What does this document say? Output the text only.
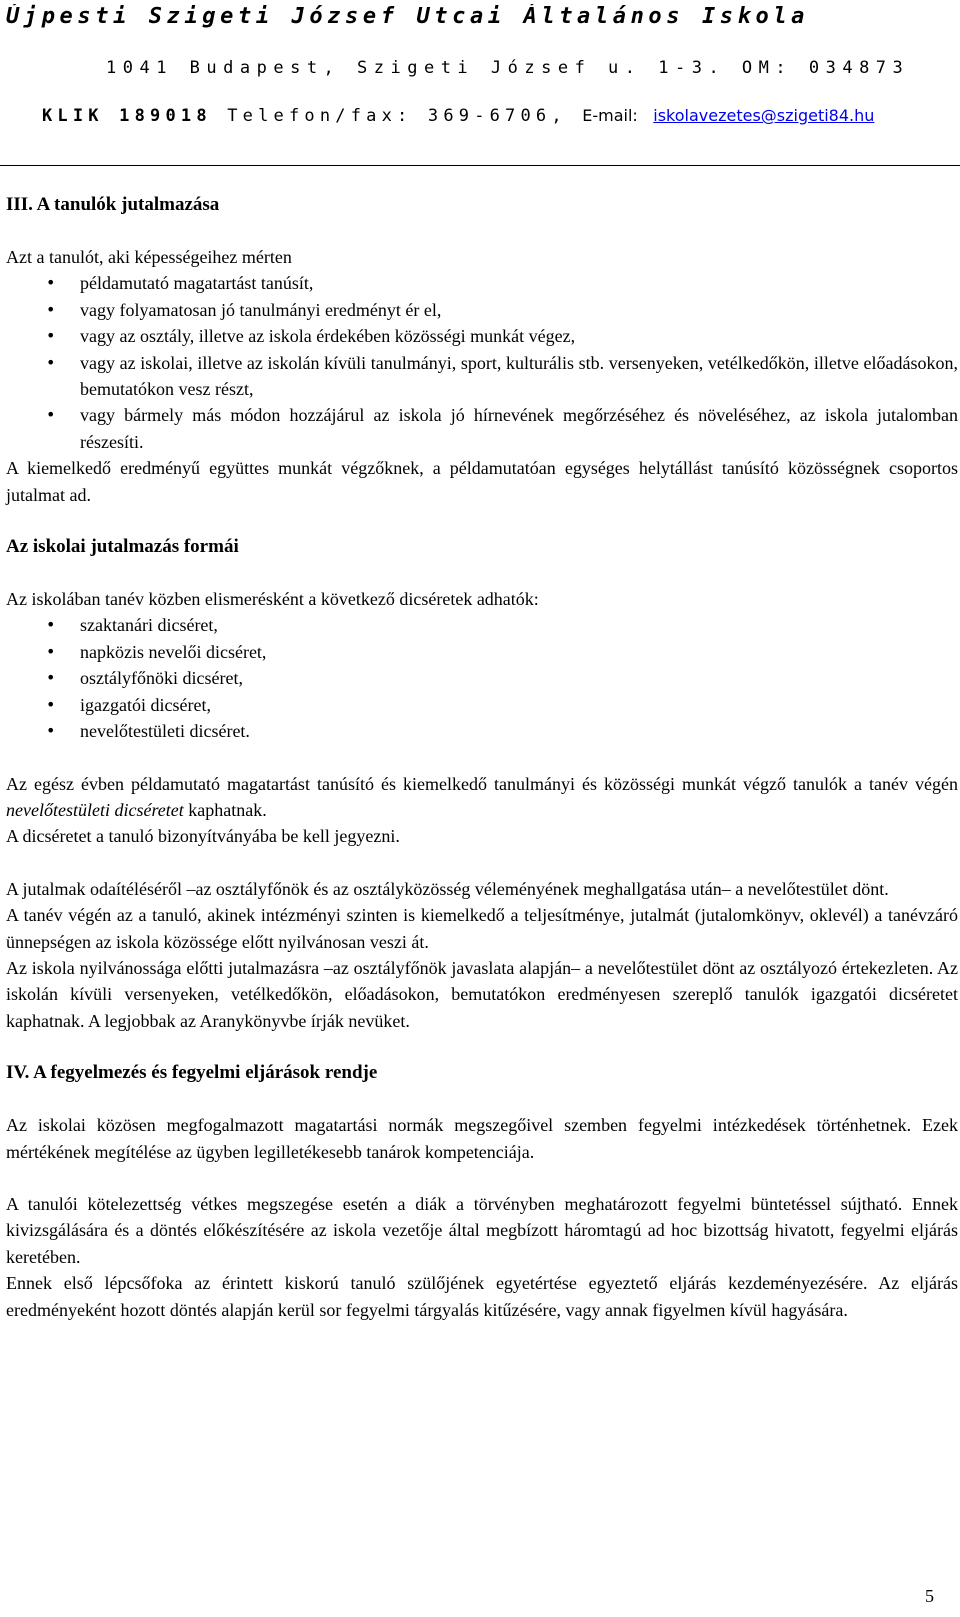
Újpesti Szigeti József Utcai Általános Iskola
1041 Budapest, Szigeti József u. 1-3. OM: 034873
KLIK 189018 Telefon/fax: 369-6706, E-mail: iskolavezetes@szigeti84.hu
III. A tanulók jutalmazása

Azt a tanulót, aki képességeihez mérten

• példamutató magatartást tanúsít,
• vagy folyamatosan jó tanulmányi eredményt ér el,
• vagy az osztály, illetve az iskola érdekében közösségi munkát végez,
• vagy az iskolai, illetve az iskolán kívüli tanulmányi, sport, kulturális stb. versenyeken, vetélkedőkön, illetve előadásokon, bemutatókon vesz részt,
• vagy bármely más módon hozzájárul az iskola jó hírnevének megőrzéséhez és növeléséhez, az iskola jutalomban részesíti.

A kiemelkedő eredményű együttes munkát végzőknek, a példamutatóan egységes helytállást tanúsító közösségnek csoportos jutalmat ad.

Az iskolai jutalmazás formái

Az iskolában tanév közben elismerésként a következő dicséretek adhatók:

• szaktanári dicséret,
• napközis nevelői dicséret,
• osztályfőnöki dicséret,
• igazgatói dicséret,
• nevelőtestületi dicséret.

Az egész évben példamutató magatartást tanúsító és kiemelkedő tanulmányi és közösségi munkát végző tanulók a tanév végén nevelőtestületi dicséretet kaphatnak.

A dicséretet a tanuló bizonyítványába be kell jegyezni.

A jutalmak odaítéléséről –az osztályfőnök és az osztályközösség véleményének meghallgatása után– a nevelőtestület dönt.

A tanév végén az a tanuló, akinek intézményi szinten is kiemelkedő a teljesítménye, jutalmát (jutalomkönyv, oklevél) a tanévzáró ünnepségen az iskola közössége előtt nyilvánosan veszi át.

Az iskola nyilvánossága előtti jutalmazásra –az osztályfőnök javaslata alapján– a nevelőtestület dönt az osztályozó értekezleten. Az iskolán kívüli versenyeken, vetélkedőkön, előadásokon, bemutatókon eredményesen szereplő tanulók igazgatói dicséretet kaphatnak. A legjobbak az Aranykönyvbe írják nevüket.

IV. A fegyelmezés és fegyelmi eljárások rendje

Az iskolai közösen megfogalmazott magatartási normák megszegőivel szemben fegyelmi intézkedések történhetnek. Ezek mértékének megítélése az ügyben legilletékesebb tanárok kompetenciája.

A tanulói kötelezettség vétkes megszegése esetén a diák a törvényben meghatározott fegyelmi büntetéssel sújtható. Ennek kivizsgálására és a döntés előkészítésére az iskola vezetője által megbízott háromtagú ad hoc bizottság hivatott, fegyelmi eljárás keretében.

Ennek első lépcsőfoka az érintett kiskorú tanuló szülőjének egyetértése egyeztető eljárás kezdeményezésére. Az eljárás eredményeként hozott döntés alapján kerül sor fegyelmi tárgyalás kitűzésére, vagy annak figyelmen kívül hagyására.

5
